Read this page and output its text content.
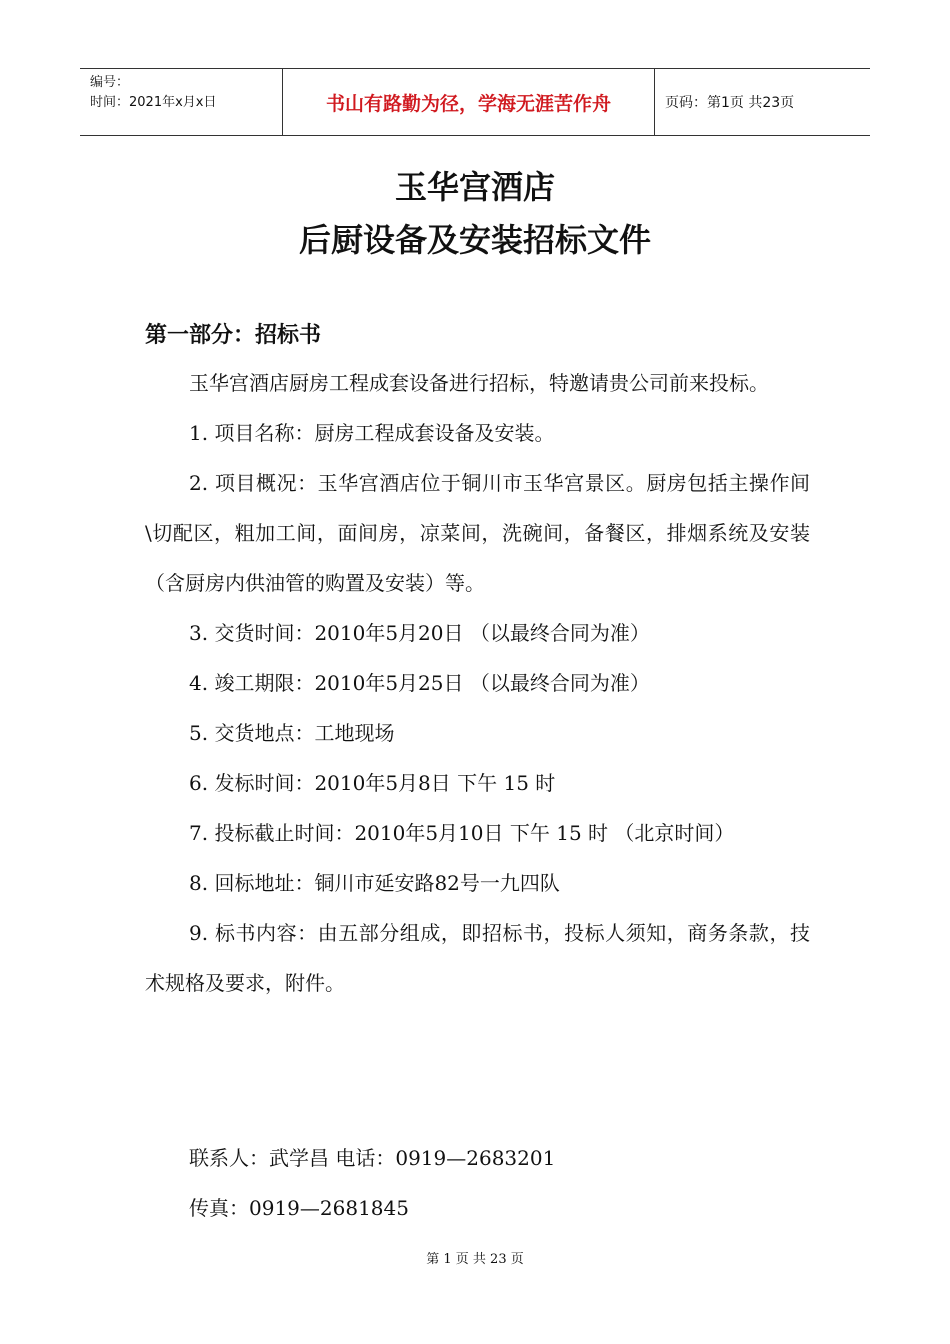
编号：
时间：2021年x月x日	书山有路勤为径，学海无涯苦作舟	页码：第1页 共23页
玉华宫酒店
后厨设备及安装招标文件
第一部分：招标书

玉华宫酒店厨房工程成套设备进行招标，特邀请贵公司前来投标。

1. 项目名称：厨房工程成套设备及安装。

2. 项目概况：玉华宫酒店位于铜川市玉华宫景区。厨房包括主操作间\切配区，粗加工间，面间房，凉菜间，洗碗间，备餐区，排烟系统及安装（含厨房内供油管的购置及安装）等。

3. 交货时间：2010年5月20日 （以最终合同为准）

4. 竣工期限：2010年5月25日 （以最终合同为准）

5. 交货地点：工地现场

6. 发标时间：2010年5月8日 下午 15 时

7. 投标截止时间：2010年5月10日 下午 15 时 （北京时间）

8. 回标地址：铜川市延安路82号一九四队

9. 标书内容：由五部分组成，即招标书，投标人须知，商务条款，技术规格及要求，附件。

联系人：武学昌 电话：0919—2683201
传真：0919—2681845
第 1 页 共 23 页
